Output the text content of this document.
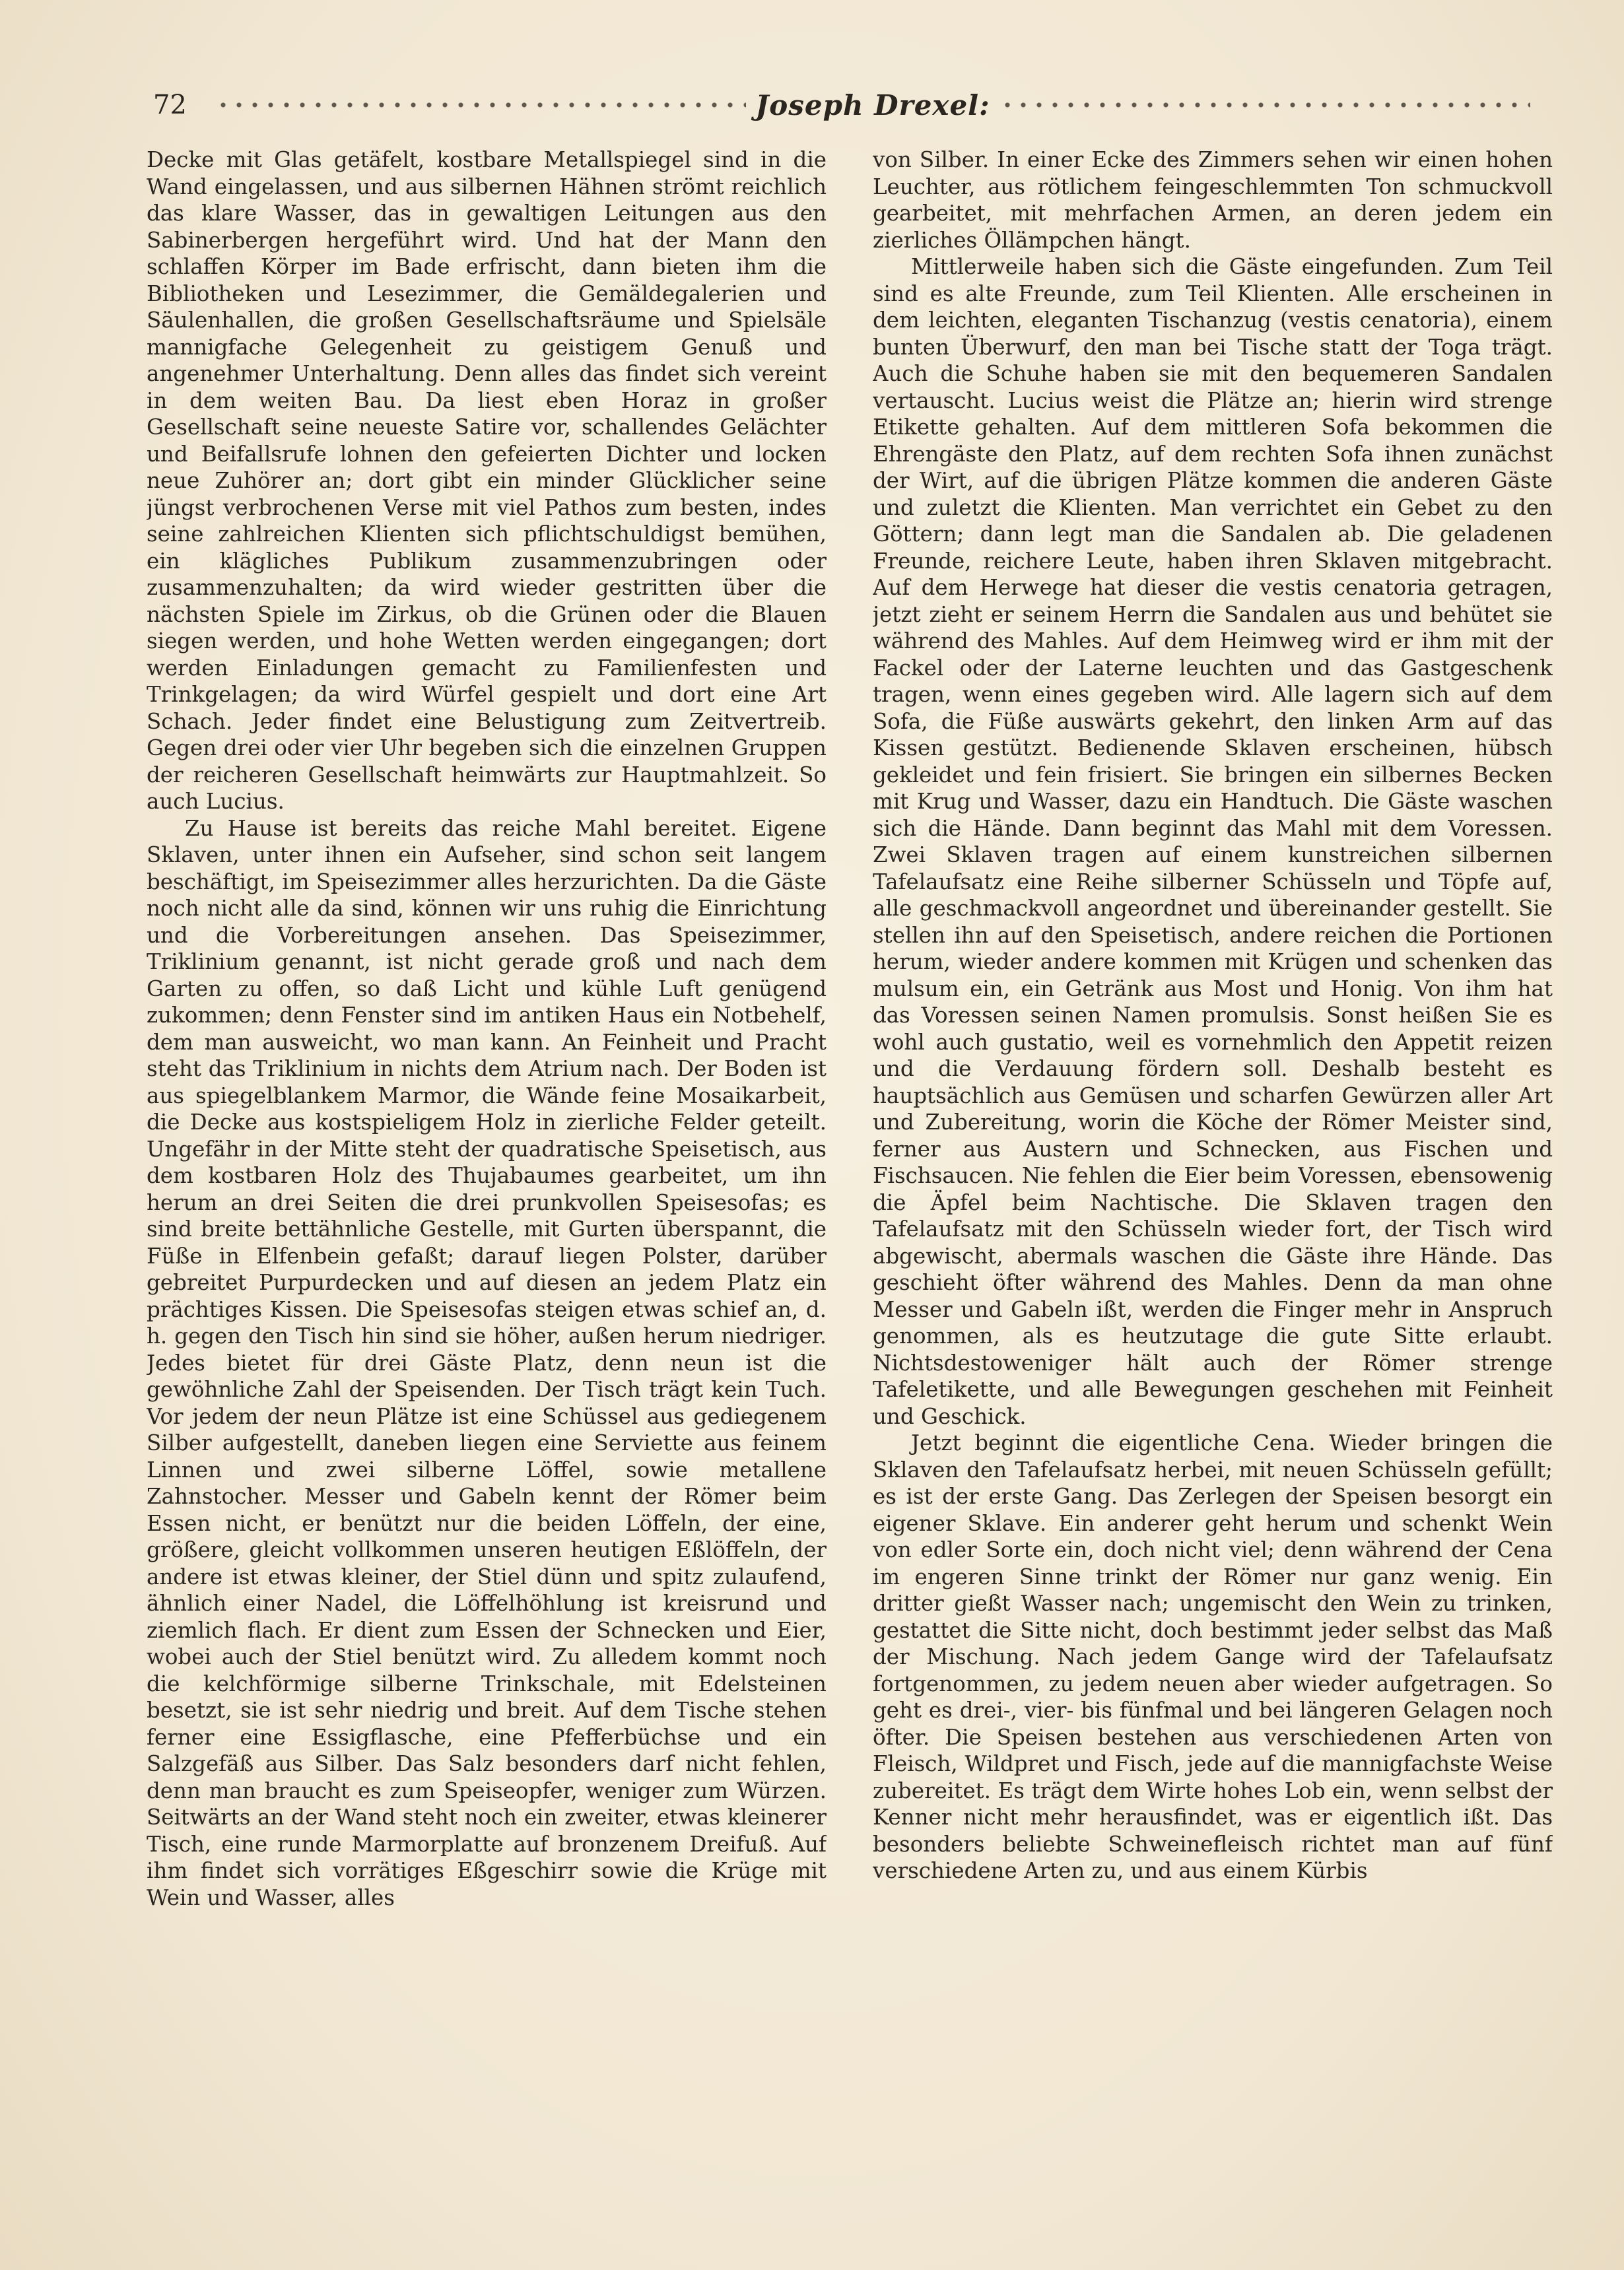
72	Joseph Drexel:

Decke mit Glas getäfelt, kostbare Metallspiegel sind in die Wand eingelassen, und aus silbernen Hähnen strömt reichlich das klare Wasser, das in gewaltigen Leitungen aus den Sabinerbergen hergeführt wird. Und hat der Mann den schlaffen Körper im Bade erfrischt, dann bieten ihm die Bibliotheken und Lesezimmer, die Gemäldegalerien und Säulenhallen, die großen Gesellschaftsräume und Spielsäle mannigfache Gelegenheit zu geistigem Genuß und angenehmer Unterhaltung. Denn alles das findet sich vereint in dem weiten Bau. Da liest eben Horaz in großer Gesellschaft seine neueste Satire vor, schallendes Gelächter und Beifallsrufe lohnen den gefeierten Dichter und locken neue Zuhörer an; dort gibt ein minder Glücklicher seine jüngst verbrochenen Verse mit viel Pathos zum besten, indes seine zahlreichen Klienten sich pflichtschuldigst bemühen, ein klägliches Publikum zusammenzubringen oder zusammenzuhalten; da wird wieder gestritten über die nächsten Spiele im Zirkus, ob die Grünen oder die Blauen siegen werden, und hohe Wetten werden eingegangen; dort werden Einladungen gemacht zu Familienfesten und Trinkgelagen; da wird Würfel gespielt und dort eine Art Schach. Jeder findet eine Belustigung zum Zeitvertreib. Gegen drei oder vier Uhr begeben sich die einzelnen Gruppen der reicheren Gesellschaft heimwärts zur Hauptmahlzeit. So auch Lucius.

Zu Hause ist bereits das reiche Mahl bereitet. Eigene Sklaven, unter ihnen ein Aufseher, sind schon seit langem beschäftigt, im Speisezimmer alles herzurichten. Da die Gäste noch nicht alle da sind, können wir uns ruhig die Einrichtung und die Vorbereitungen ansehen. Das Speisezimmer, Triklinium genannt, ist nicht gerade groß und nach dem Garten zu offen, so daß Licht und kühle Luft genügend zukommen; denn Fenster sind im antiken Haus ein Notbehelf, dem man ausweicht, wo man kann. An Feinheit und Pracht steht das Triklinium in nichts dem Atrium nach. Der Boden ist aus spiegelblankem Marmor, die Wände feine Mosaikarbeit, die Decke aus kostspieligem Holz in zierliche Felder geteilt. Ungefähr in der Mitte steht der quadratische Speisetisch, aus dem kostbaren Holz des Thujabaumes gearbeitet, um ihn herum an drei Seiten die drei prunkvollen Speisesofas; es sind breite bettähnliche Gestelle, mit Gurten überspannt, die Füße in Elfenbein gefaßt; darauf liegen Polster, darüber gebreitet Purpurdecken und auf diesen an jedem Platz ein prächtiges Kissen. Die Speisesofas steigen etwas schief an, d. h. gegen den Tisch hin sind sie höher, außen herum niedriger. Jedes bietet für drei Gäste Platz, denn neun ist die gewöhnliche Zahl der Speisenden. Der Tisch trägt kein Tuch. Vor jedem der neun Plätze ist eine Schüssel aus gediegenem Silber aufgestellt, daneben liegen eine Serviette aus feinem Linnen und zwei silberne Löffel, sowie metallene Zahnstocher. Messer und Gabeln kennt der Römer beim Essen nicht, er benützt nur die beiden Löffeln, der eine, größere, gleicht vollkommen unseren heutigen Eßlöffeln, der andere ist etwas kleiner, der Stiel dünn und spitz zulaufend, ähnlich einer Nadel, die Löffelhöhlung ist kreisrund und ziemlich flach. Er dient zum Essen der Schnecken und Eier, wobei auch der Stiel benützt wird. Zu alledem kommt noch die kelchförmige silberne Trinkschale, mit Edelsteinen besetzt, sie ist sehr niedrig und breit. Auf dem Tische stehen ferner eine Essigflasche, eine Pfefferbüchse und ein Salzgefäß aus Silber. Das Salz besonders darf nicht fehlen, denn man braucht es zum Speiseopfer, weniger zum Würzen. Seitwärts an der Wand steht noch ein zweiter, etwas kleinerer Tisch, eine runde Marmorplatte auf bronzenem Dreifuß. Auf ihm findet sich vorrätiges Eßgeschirr sowie die Krüge mit Wein und Wasser, alles

von Silber. In einer Ecke des Zimmers sehen wir einen hohen Leuchter, aus rötlichem feingeschlemmten Ton schmuckvoll gearbeitet, mit mehrfachen Armen, an deren jedem ein zierliches Öllämpchen hängt.

Mittlerweile haben sich die Gäste eingefunden. Zum Teil sind es alte Freunde, zum Teil Klienten. Alle erscheinen in dem leichten, eleganten Tischanzug (vestis cenatoria), einem bunten Überwurf, den man bei Tische statt der Toga trägt. Auch die Schuhe haben sie mit den bequemeren Sandalen vertauscht. Lucius weist die Plätze an; hierin wird strenge Etikette gehalten. Auf dem mittleren Sofa bekommen die Ehrengäste den Platz, auf dem rechten Sofa ihnen zunächst der Wirt, auf die übrigen Plätze kommen die anderen Gäste und zuletzt die Klienten. Man verrichtet ein Gebet zu den Göttern; dann legt man die Sandalen ab. Die geladenen Freunde, reichere Leute, haben ihren Sklaven mitgebracht. Auf dem Herwege hat dieser die vestis cenatoria getragen, jetzt zieht er seinem Herrn die Sandalen aus und behütet sie während des Mahles. Auf dem Heimweg wird er ihm mit der Fackel oder der Laterne leuchten und das Gastgeschenk tragen, wenn eines gegeben wird. Alle lagern sich auf dem Sofa, die Füße auswärts gekehrt, den linken Arm auf das Kissen gestützt. Bedienende Sklaven erscheinen, hübsch gekleidet und fein frisiert. Sie bringen ein silbernes Becken mit Krug und Wasser, dazu ein Handtuch. Die Gäste waschen sich die Hände. Dann beginnt das Mahl mit dem Voressen. Zwei Sklaven tragen auf einem kunstreichen silbernen Tafelaufsatz eine Reihe silberner Schüsseln und Töpfe auf, alle geschmackvoll angeordnet und übereinander gestellt. Sie stellen ihn auf den Speisetisch, andere reichen die Portionen herum, wieder andere kommen mit Krügen und schenken das mulsum ein, ein Getränk aus Most und Honig. Von ihm hat das Voressen seinen Namen promulsis. Sonst heißen Sie es wohl auch gustatio, weil es vornehmlich den Appetit reizen und die Verdauung fördern soll. Deshalb besteht es hauptsächlich aus Gemüsen und scharfen Gewürzen aller Art und Zubereitung, worin die Köche der Römer Meister sind, ferner aus Austern und Schnecken, aus Fischen und Fischsaucen. Nie fehlen die Eier beim Voressen, ebensowenig die Äpfel beim Nachtische. Die Sklaven tragen den Tafelaufsatz mit den Schüsseln wieder fort, der Tisch wird abgewischt, abermals waschen die Gäste ihre Hände. Das geschieht öfter während des Mahles. Denn da man ohne Messer und Gabeln ißt, werden die Finger mehr in Anspruch genommen, als es heutzutage die gute Sitte erlaubt. Nichtsdestoweniger hält auch der Römer strenge Tafeletikette, und alle Bewegungen geschehen mit Feinheit und Geschick.

Jetzt beginnt die eigentliche Cena. Wieder bringen die Sklaven den Tafelaufsatz herbei, mit neuen Schüsseln gefüllt; es ist der erste Gang. Das Zerlegen der Speisen besorgt ein eigener Sklave. Ein anderer geht herum und schenkt Wein von edler Sorte ein, doch nicht viel; denn während der Cena im engeren Sinne trinkt der Römer nur ganz wenig. Ein dritter gießt Wasser nach; ungemischt den Wein zu trinken, gestattet die Sitte nicht, doch bestimmt jeder selbst das Maß der Mischung. Nach jedem Gange wird der Tafelaufsatz fortgenommen, zu jedem neuen aber wieder aufgetragen. So geht es drei-, vier- bis fünfmal und bei längeren Gelagen noch öfter. Die Speisen bestehen aus verschiedenen Arten von Fleisch, Wildpret und Fisch, jede auf die mannigfachste Weise zubereitet. Es trägt dem Wirte hohes Lob ein, wenn selbst der Kenner nicht mehr herausfindet, was er eigentlich ißt. Das besonders beliebte Schweinefleisch richtet man auf fünf verschiedene Arten zu, und aus einem Kürbis
